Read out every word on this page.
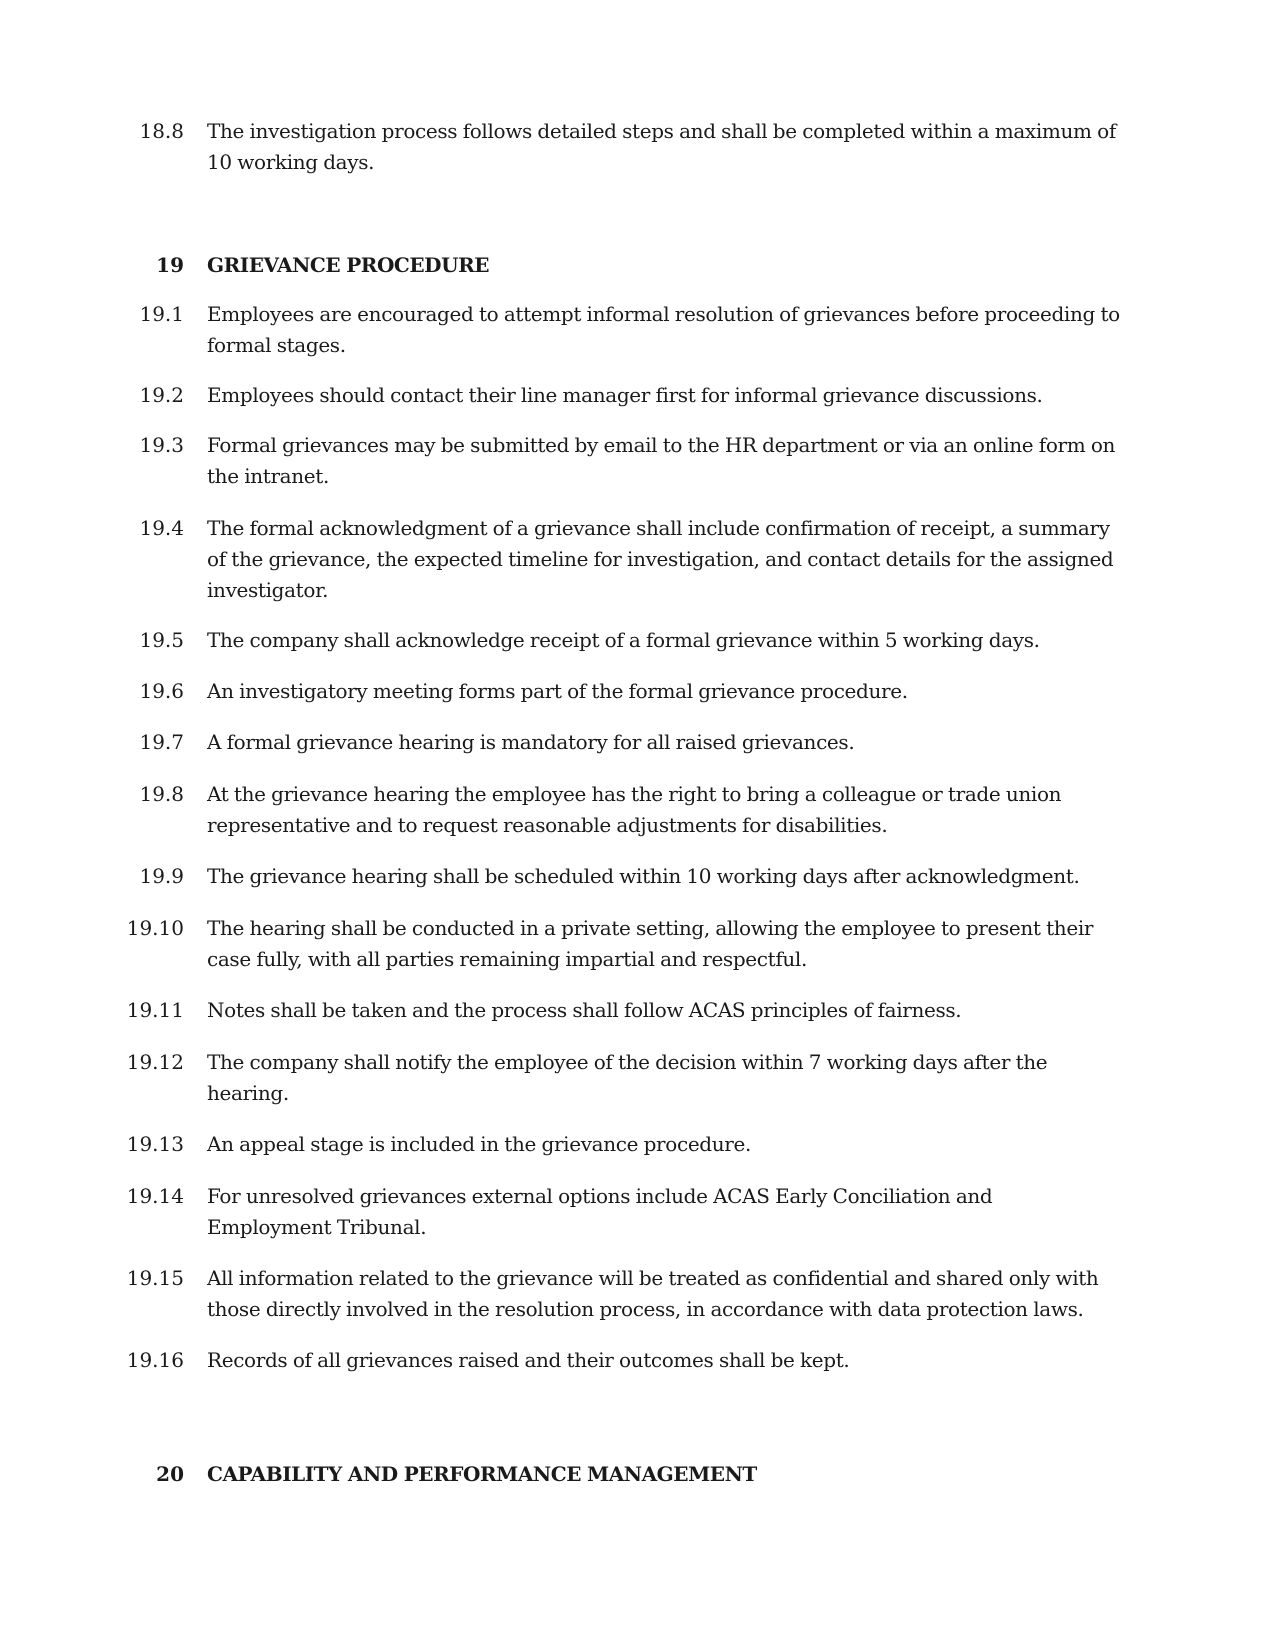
18.8 The investigation process follows detailed steps and shall be completed within a maximum of 10 working days.
19 GRIEVANCE PROCEDURE
19.1 Employees are encouraged to attempt informal resolution of grievances before proceeding to formal stages.
19.2 Employees should contact their line manager first for informal grievance discussions.
19.3 Formal grievances may be submitted by email to the HR department or via an online form on the intranet.
19.4 The formal acknowledgment of a grievance shall include confirmation of receipt, a summary of the grievance, the expected timeline for investigation, and contact details for the assigned investigator.
19.5 The company shall acknowledge receipt of a formal grievance within 5 working days.
19.6 An investigatory meeting forms part of the formal grievance procedure.
19.7 A formal grievance hearing is mandatory for all raised grievances.
19.8 At the grievance hearing the employee has the right to bring a colleague or trade union representative and to request reasonable adjustments for disabilities.
19.9 The grievance hearing shall be scheduled within 10 working days after acknowledgment.
19.10 The hearing shall be conducted in a private setting, allowing the employee to present their case fully, with all parties remaining impartial and respectful.
19.11 Notes shall be taken and the process shall follow ACAS principles of fairness.
19.12 The company shall notify the employee of the decision within 7 working days after the hearing.
19.13 An appeal stage is included in the grievance procedure.
19.14 For unresolved grievances external options include ACAS Early Conciliation and Employment Tribunal.
19.15 All information related to the grievance will be treated as confidential and shared only with those directly involved in the resolution process, in accordance with data protection laws.
19.16 Records of all grievances raised and their outcomes shall be kept.
20 CAPABILITY AND PERFORMANCE MANAGEMENT
